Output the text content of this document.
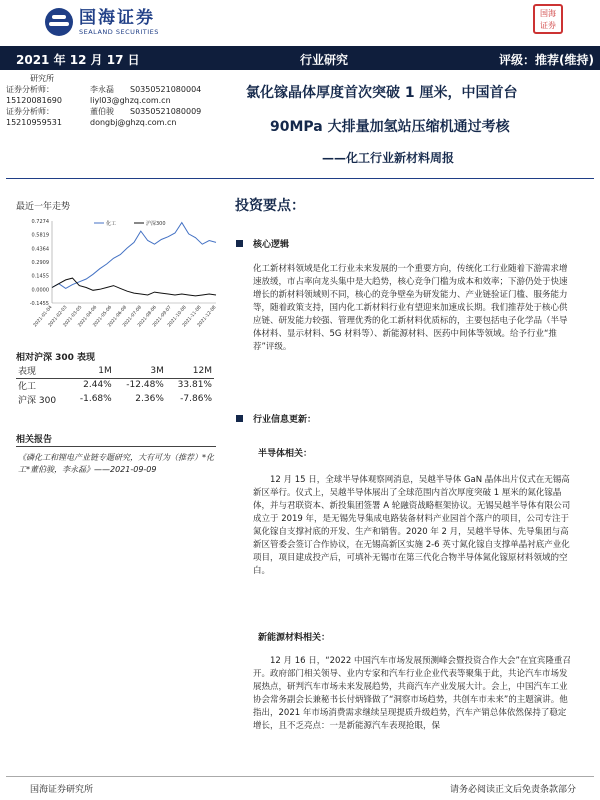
国海证券
SEALAND SECURITIES
国海
证券
2021 年 12 月 17 日	行业研究	评级：推荐(维持)
研究所
证券分析师：	李永磊	S0350521080004
15120081690	liyl03@ghzq.com.cn
证券分析师：	董伯骏	S0350521080009
15210959531	dongbj@ghzq.com.cn
氯化镓晶体厚度首次突破 1 厘米，中国首台
90MPa 大排量加氢站压缩机通过考核
——化工行业新材料周报
最近一年走势
0.7274
0.5819
0.4364
0.2909
0.1455
0.0000
-0.1455
2021-01-04
2021-02-03
2021-03-05
2021-04-06
2021-05-06
2021-06-08
2021-07-08
2021-08-06
2021-09-07
2021-10-08
2021-11-08
2021-12-08
化工	沪深300
相对沪深 300 表现
表现	1M	3M	12M
化工	2.44%	-12.48%	33.81%
沪深 300	-1.68%	2.36%	-7.86%
相关报告
《磷化工和锂电产业链专题研究，大有可为（推荐）*化工*董伯骏，李永磊》——2021-09-09
投资要点：
核心逻辑
化工新材料领域是化工行业未来发展的一个重要方向，传统化工行业随着下游需求增速放缓，市占率向龙头集中是大趋势，核心竞争门槛为成本和效率；下游仍处于快速增长的新材料领域则不同，核心的竞争壁垒为研发能力、产业链验证门槛、服务能力等，随着政策支持，国内化工新材料行业有望迎来加速成长期。我们推荐处于核心供应链、研发能力较强、管理优秀的化工新材料优质标的，主要包括电子化学品（半导体材料、显示材料、5G 材料等）、新能源材料、医药中间体等领域。给予行业“推荐”评级。
行业信息更新：
半导体相关：
12 月 15 日，全球半导体观察网消息，吴越半导体 GaN 晶体出片仪式在无锡高新区举行。仪式上，吴越半导体展出了全球范围内首次厚度突破 1 厘米的氮化镓晶体，并与君联资本、新投集团签署 A 轮融资战略框架协议。无锡吴越半导体有限公司成立于 2019 年，是无锡先导集成电路装备材料产业园首个落户的项目，公司专注于氮化镓自支撑衬底的开发、生产和销售。2020 年 2 月，吴越半导体、先导集团与高新区管委会签订合作协议，在无锡高新区实施 2-6 英寸氮化镓自支撑单晶衬底产业化项目，项目建成投产后，可填补无锡市在第三代化合物半导体氮化镓原材料领域的空白。
新能源材料相关：
12 月 16 日，“2022 中国汽车市场发展预测峰会暨投资合作大会”在宜宾隆重召开。政府部门相关领导、业内专家和汽车行业企业代表等聚集于此，共论汽车市场发展热点，研判汽车市场未来发展趋势，共商汽车产业发展大计。会上，中国汽车工业协会常务副会长兼秘书长付炳锋做了“洞察市场趋势，共创车市未来”的主题演讲。他指出，2021 年市场消费需求继续呈现提质升级趋势，汽车产销总体依然保持了稳定增长，且不乏亮点：一是新能源汽车表现抢眼，保
国海证券研究所	请务必阅读正文后免责条款部分
